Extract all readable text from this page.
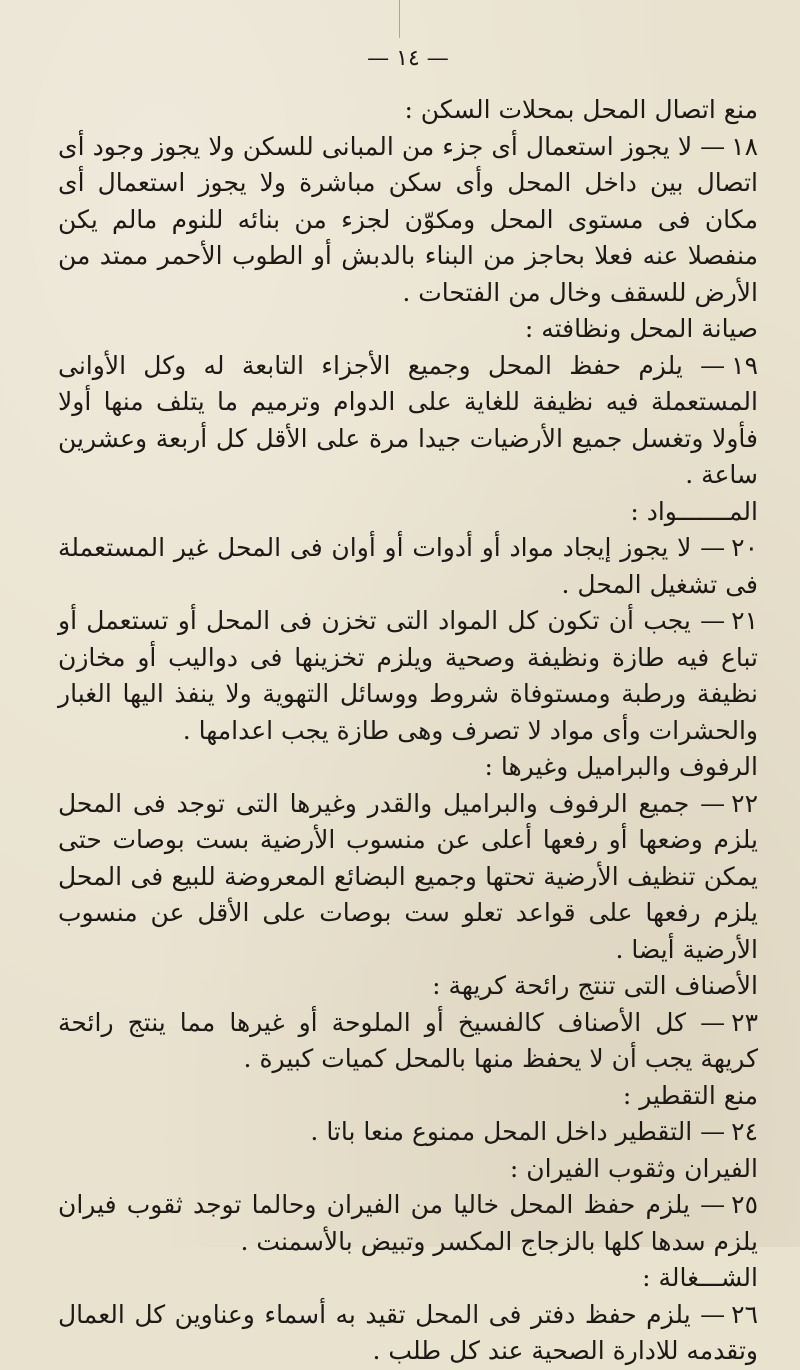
— ١٤ —

منع اتصال المحل بمحلات السكن :

١٨— لا يجوز استعمال أى جزء من المبانى للسكن ولا يجوز وجود أى اتصال بين داخل المحل وأى سكن مباشرة ولا يجوز استعمال أى مكان فى مستوى المحل ومكوّن لجزء من بنائه للنوم مالم يكن منفصلا عنه فعلا بحاجز من البناء بالدبش أو الطوب الأحمر ممتد من الأرض للسقف وخال من الفتحات .

صيانة المحل ونظافته :

١٩— يلزم حفظ المحل وجميع الأجزاء التابعة له وكل الأوانى المستعملة فيه نظيفة للغاية على الدوام وترميم ما يتلف منها أولا فأولا وتغسل جميع الأرضيات جيدا مرة على الأقل كل أربعة وعشرين ساعة .

المـــــــواد :

٢٠— لا يجوز إيجاد مواد أو أدوات أو أوان فى المحل غير المستعملة فى تشغيل المحل .

٢١— يجب أن تكون كل المواد التى تخزن فى المحل أو تستعمل أو تباع فيه طازة ونظيفة وصحية ويلزم تخزينها فى دواليب أو مخازن نظيفة ورطبة ومستوفاة شروط ووسائل التهوية ولا ينفذ اليها الغبار والحشرات وأى مواد لا تصرف وهى طازة يجب اعدامها .

الرفوف والبراميل وغيرها :

٢٢— جميع الرفوف والبراميل والقدر وغيرها التى توجد فى المحل يلزم وضعها أو رفعها أعلى عن منسوب الأرضية بست بوصات حتى يمكن تنظيف الأرضية تحتها وجميع البضائع المعروضة للبيع فى المحل يلزم رفعها على قواعد تعلو ست بوصات على الأقل عن منسوب الأرضية أيضا .

الأصناف التى تنتج رائحة كريهة :

٢٣— كل الأصناف كالفسيخ أو الملوحة أو غيرها مما ينتج رائحة كريهة يجب أن لا يحفظ منها بالمحل كميات كبيرة .

منع التقطير :

٢٤— التقطير داخل المحل ممنوع منعا باتا .

الفيران وثقوب الفيران :

٢٥— يلزم حفظ المحل خاليا من الفيران وحالما توجد ثقوب فيران يلزم سدها كلها بالزجاج المكسر وتبيض بالأسمنت .

الشـــغالة :

٢٦— يلزم حفظ دفتر فى المحل تقيد به أسماء وعناوين كل العمال وتقدمه للادارة الصحية عند كل طلب .
